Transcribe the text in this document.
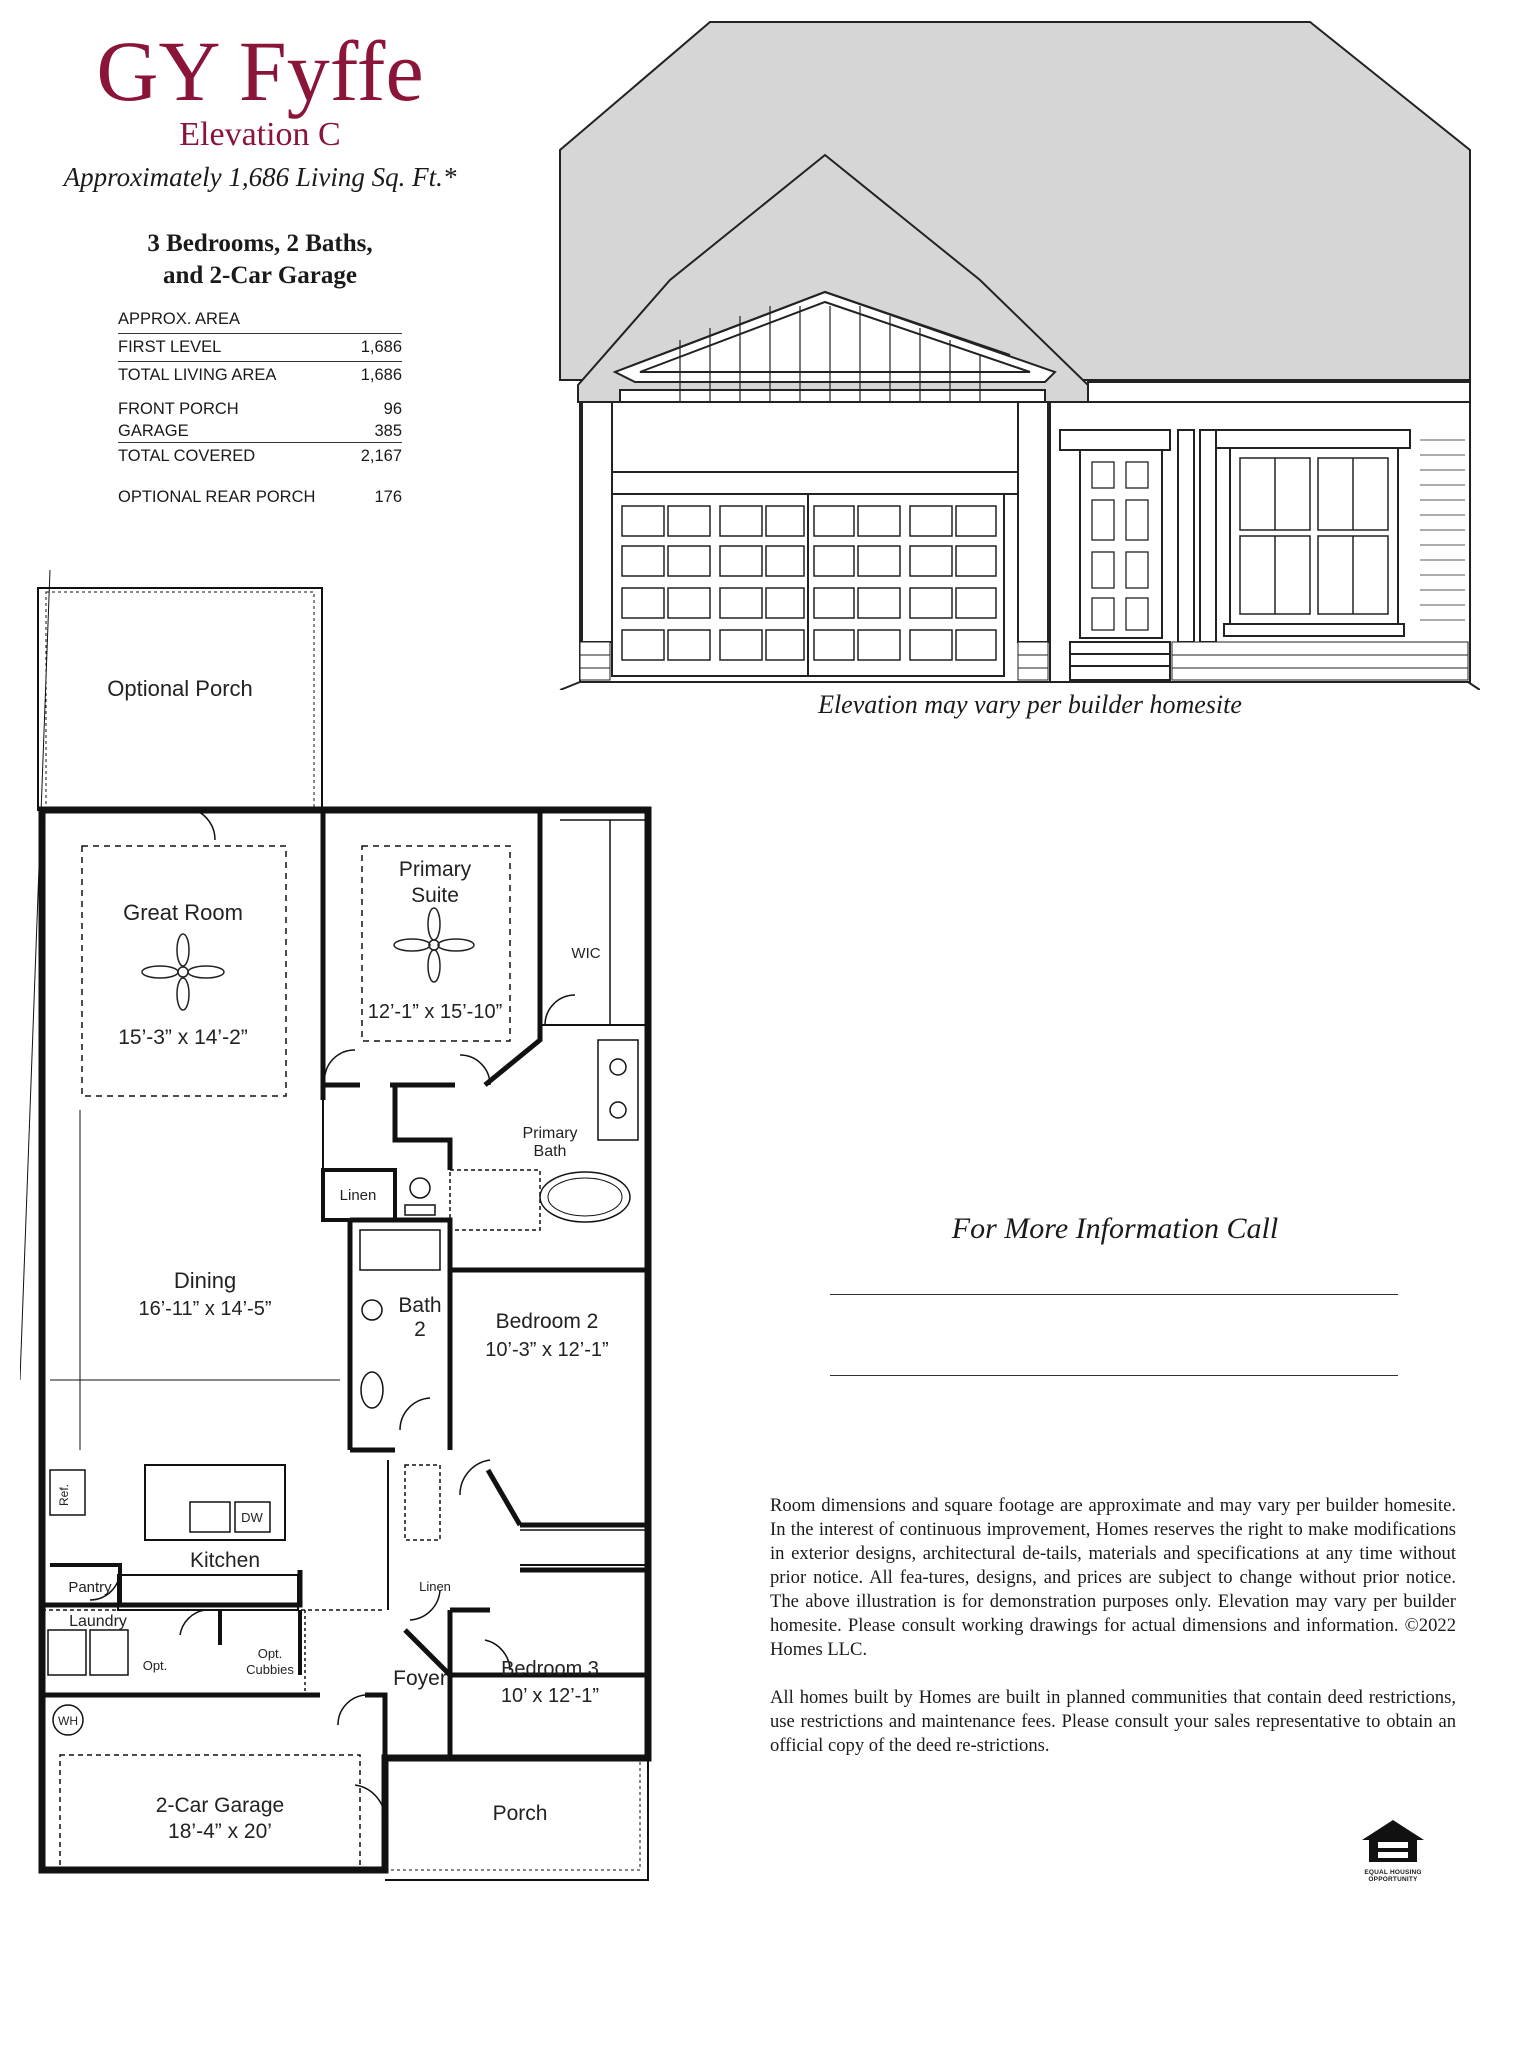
GY Fyffe
Elevation C
Approximately 1,686 Living Sq. Ft.*
3 Bedrooms, 2 Baths,
and 2-Car Garage
APPROX. AREA
FIRST LEVEL	1,686
TOTAL LIVING AREA	1,686
FRONT PORCH	96
GARAGE	385
TOTAL COVERED	2,167
OPTIONAL REAR PORCH	176
Elevation may vary per builder homesite
Optional Porch
Great Room
15’-3” x 14’-2”
Primary
Suite
12’-1” x 15’-10”
WIC
Primary
Bath
Linen
Dining
16’-11” x 14’-5”	Bath
2	Bedroom 2
10’-3” x 12’-1”
Ref.
DW
Kitchen
Pantry
Laundry
Opt.
Opt.
Cubbies
Linen
Foyer	Bedroom 3
10’ x 12’-1”
WH
2-Car Garage
18’-4” x 20’
Porch
For More Information Call

Room dimensions and square footage are approximate and may vary per builder homesite. In the interest of continuous improvement, Homes reserves the right to make modifications in exterior designs, architectural de-tails, materials and specifications at any time without prior notice. All fea-tures, designs, and prices are subject to change without prior notice. The above illustration is for demonstration purposes only. Elevation may vary per builder homesite. Please consult working drawings for actual dimensions and information. ©2022 Homes LLC.

All homes built by Homes are built in planned communities that contain deed restrictions, use restrictions and maintenance fees. Please consult your sales representative to obtain an official copy of the deed re-strictions.

EQUAL HOUSING
OPPORTUNITY
